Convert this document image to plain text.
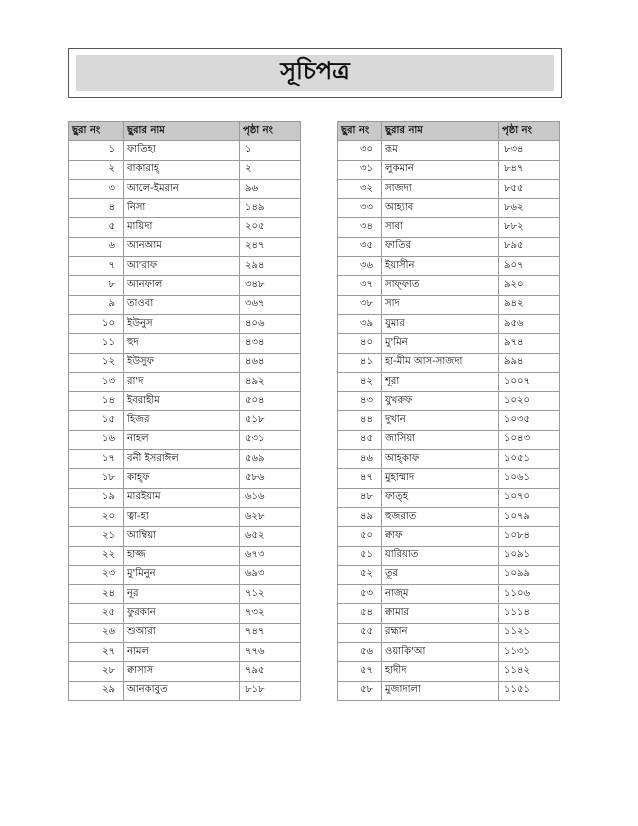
সূচিপত্র
ছুরা নং	ছুরার নাম	পৃষ্ঠা নং
১	ফাতিহা	১
২	বাকারাহ্	২
৩	আলে-ইমরান	৯৬
৪	নিসা	১৪৯
৫	মায়িদা	২০৫
৬	আনআম	২৪৭
৭	আ'রাফ	২৯৪
৮	আনফাল	৩৪৮
৯	তাওবা	৩৬৭
১০	ইউনুস	৪০৬
১১	হুদ	৪৩৪
১২	ইউসুফ	৪৬৪
১৩	রা'দ	৪৯২
১৪	ইবরাহীম	৫০৪
১৫	হিজর	৫১৮
১৬	নাহল	৫৩১
১৭	বনী ইসরাঈল	৫৬৯
১৮	কাহ্ফ	৫৮৬
১৯	মারইয়াম	৬১৬
২০	ত্বা-হা	৬২৮
২১	আম্বিয়া	৬৫২
২২	হাজ্জ	৬৭৩
২৩	মু'মিনুন	৬৯৩
২৪	নূর	৭১২
২৫	ফুরকান	৭৩২
২৬	শুআরা	৭৪৭
২৭	নামল	৭৭৬
২৮	ক্বাসাস	৭৯৫
২৯	আনকাবুত	৮১৮
ছুরা নং	ছুরার নাম	পৃষ্ঠা নং
৩০	রূম	৮৩৪
৩১	লুকমান	৮৪৭
৩২	সাজদা	৮৫৫
৩৩	আহ্যাব	৮৬২
৩৪	সাবা	৮৮২
৩৫	ফাতির	৮৯৫
৩৬	ইয়াসীন	৯০৭
৩৭	সাফ্ফাত	৯২০
৩৮	সাদ	৯৪২
৩৯	যুমার	৯৫৬
৪০	মু'মিন	৯৭৪
৪১	হা-মীম আস-সাজদা	৯৯৪
৪২	শূরা	১০০৭
৪৩	যুখরুফ	১০২০
৪৪	দুখান	১০৩৫
৪৫	জাসিয়া	১০৪৩
৪৬	আহ্কাফ	১০৫১
৪৭	মুহাম্মাদ	১০৬১
৪৮	ফাত্হ	১০৭০
৪৯	হুজরাত	১০৭৯
৫০	ক্বাফ	১০৮৪
৫১	যারিয়াত	১০৯১
৫২	তূর	১০৯৯
৫৩	নাজ্ম	১১০৬
৫৪	ক্বামার	১১১৪
৫৫	রহ্মান	১১২১
৫৬	ওয়াকি'আ	১১৩১
৫৭	হাদীদ	১১৪২
৫৮	মুজাদালা	১১৫১
